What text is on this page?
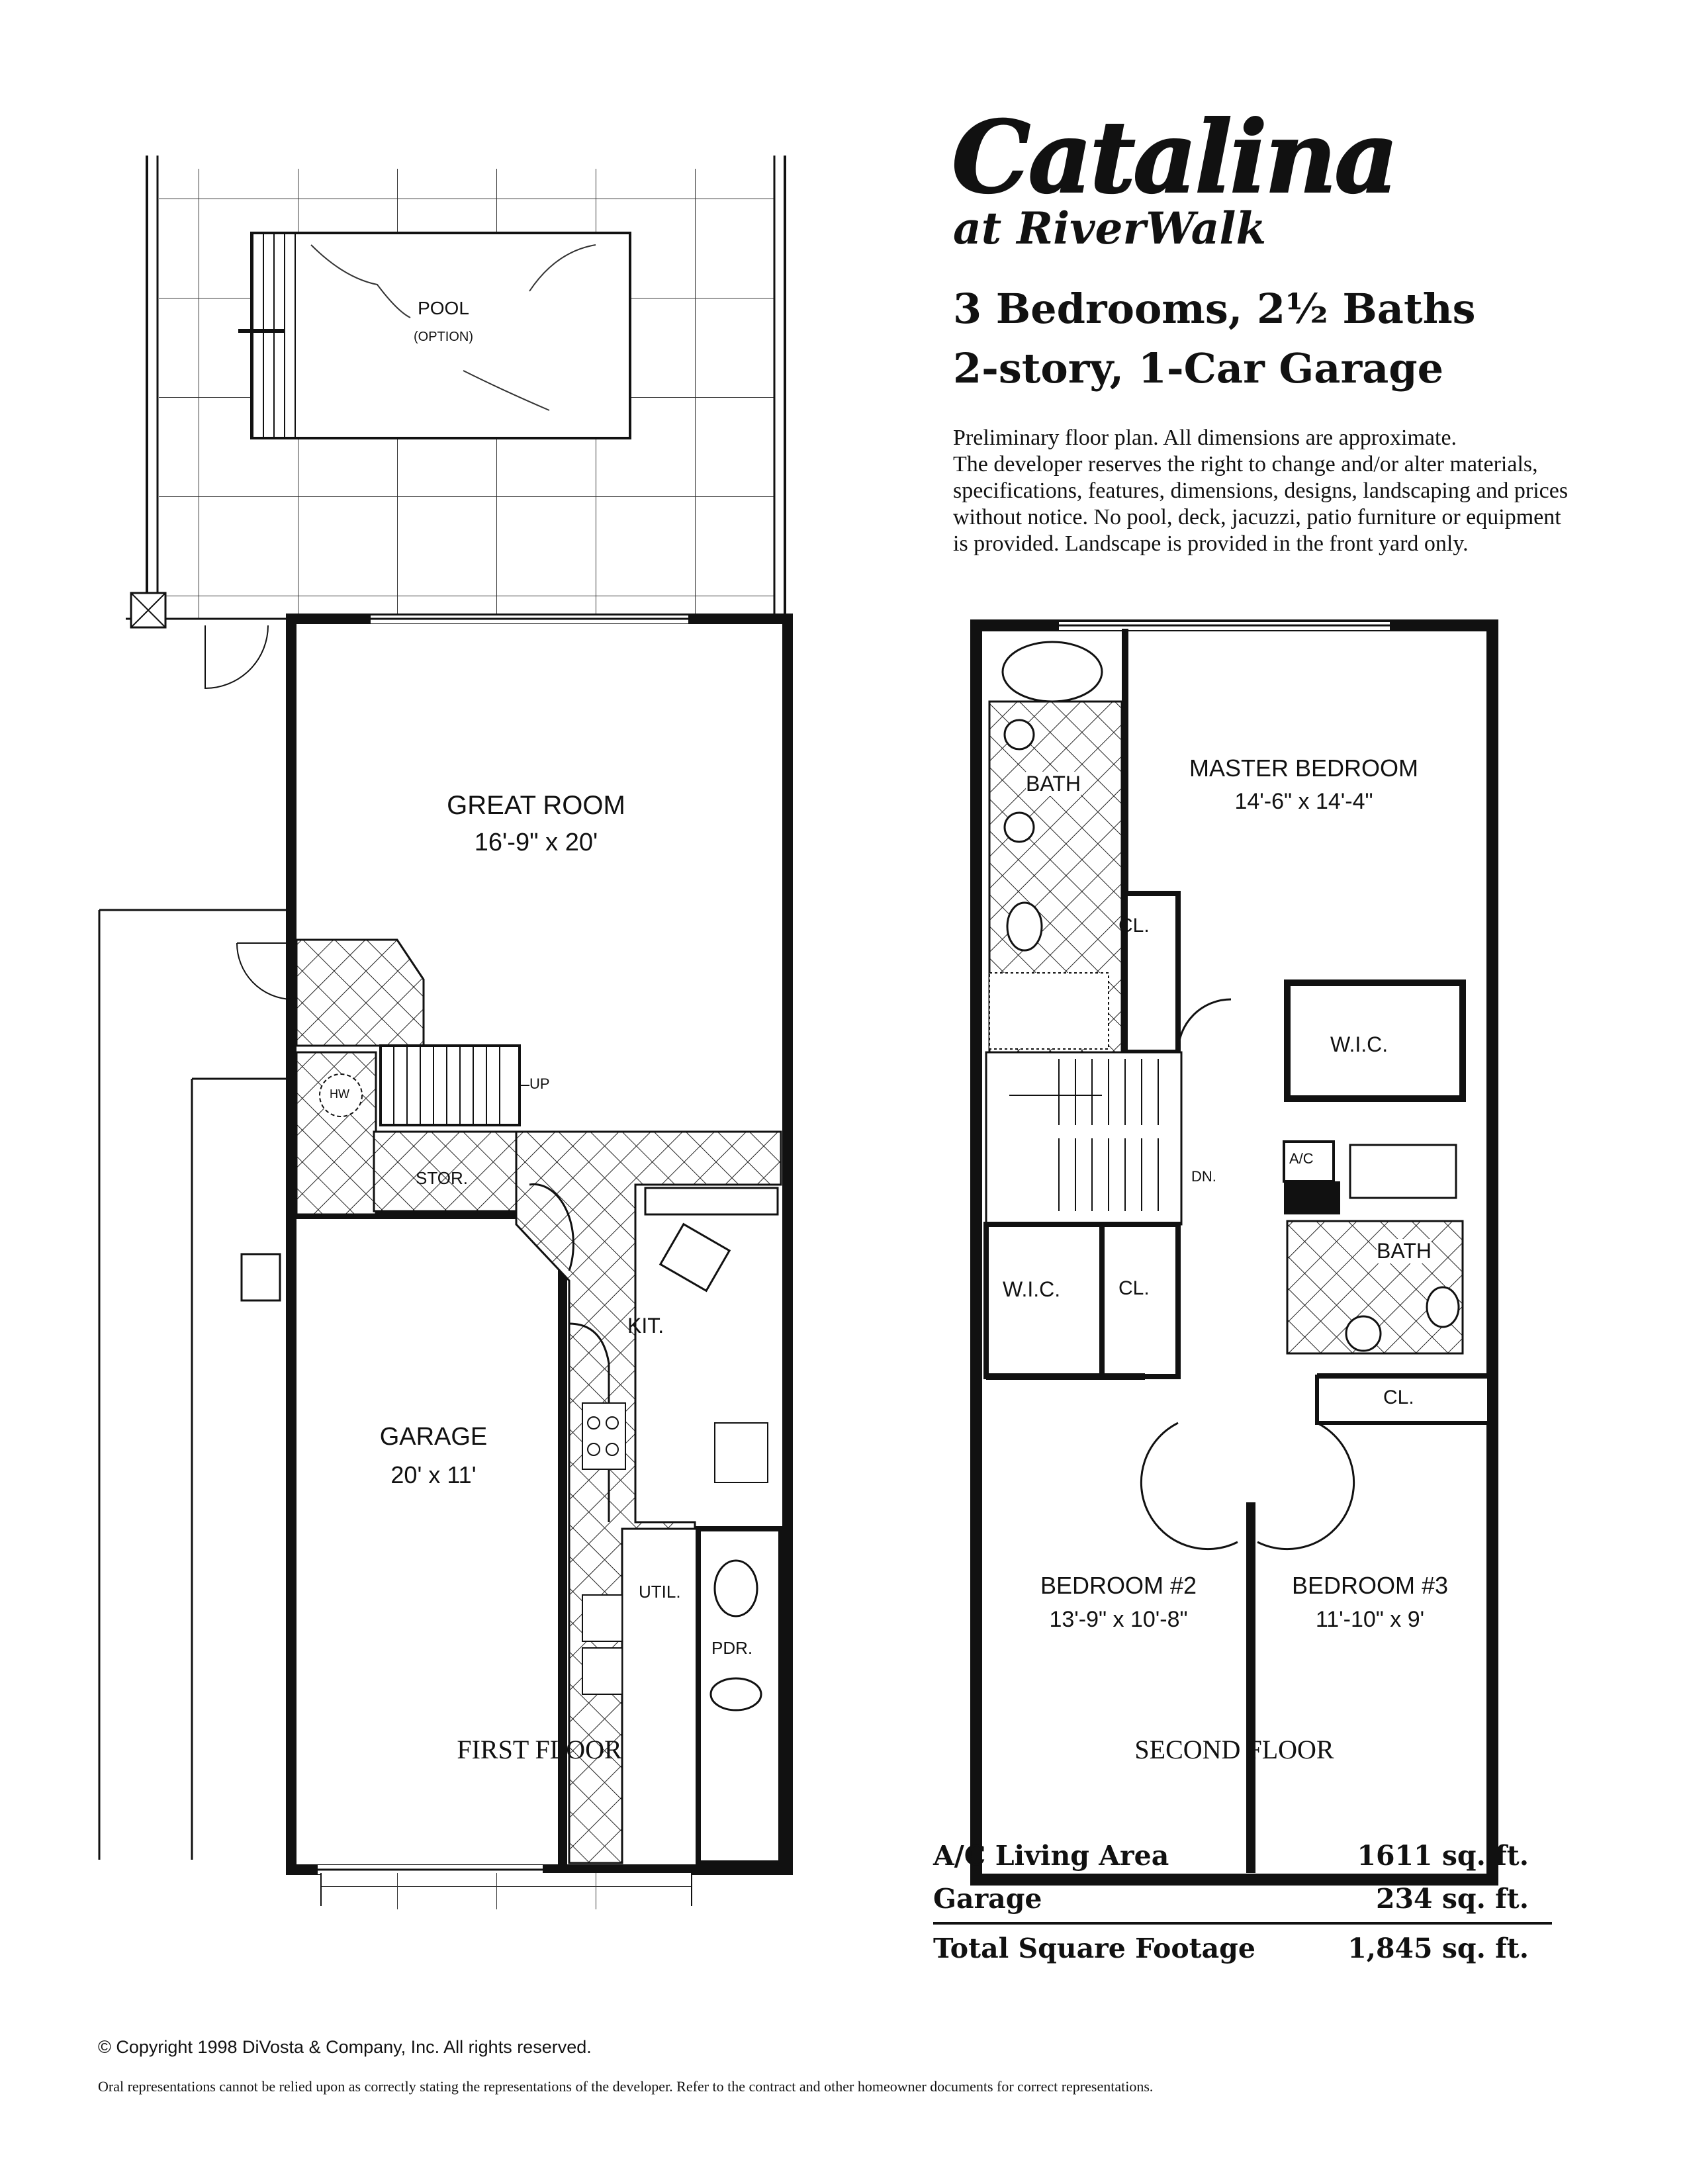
POOL
(OPTION)
GREAT ROOM
16'-9" x 20'
GARAGE
20' x 11'
HW
UP
STOR.
KIT.
UTIL.
PDR.
FIRST FLOOR
MASTER BEDROOM
14'-6" x 14'-4"
BATH
CL.
W.I.C.
A/C
DN.
BATH
W.I.C.	CL.
CL.
BEDROOM #2
13'-9" x 10'-8"
BEDROOM #3
11'-10" x 9'
SECOND FLOOR
Catalina
at RiverWalk
3 Bedrooms, 2½ Baths
2-story, 1-Car Garage
Preliminary floor plan. All dimensions are approximate.
The developer reserves the right to change and/or alter materials,
specifications, features, dimensions, designs, landscaping and prices
without notice. No pool, deck, jacuzzi, patio furniture or equipment
is provided. Landscape is provided in the front yard only.
A/C Living Area	1611 sq. ft.
Garage	234 sq. ft.
Total Square Footage	1,845 sq. ft.
© Copyright 1998 DiVosta & Company, Inc. All rights reserved.
Oral representations cannot be relied upon as correctly stating the representations of the developer. Refer to the contract and other homeowner documents for correct representations.
